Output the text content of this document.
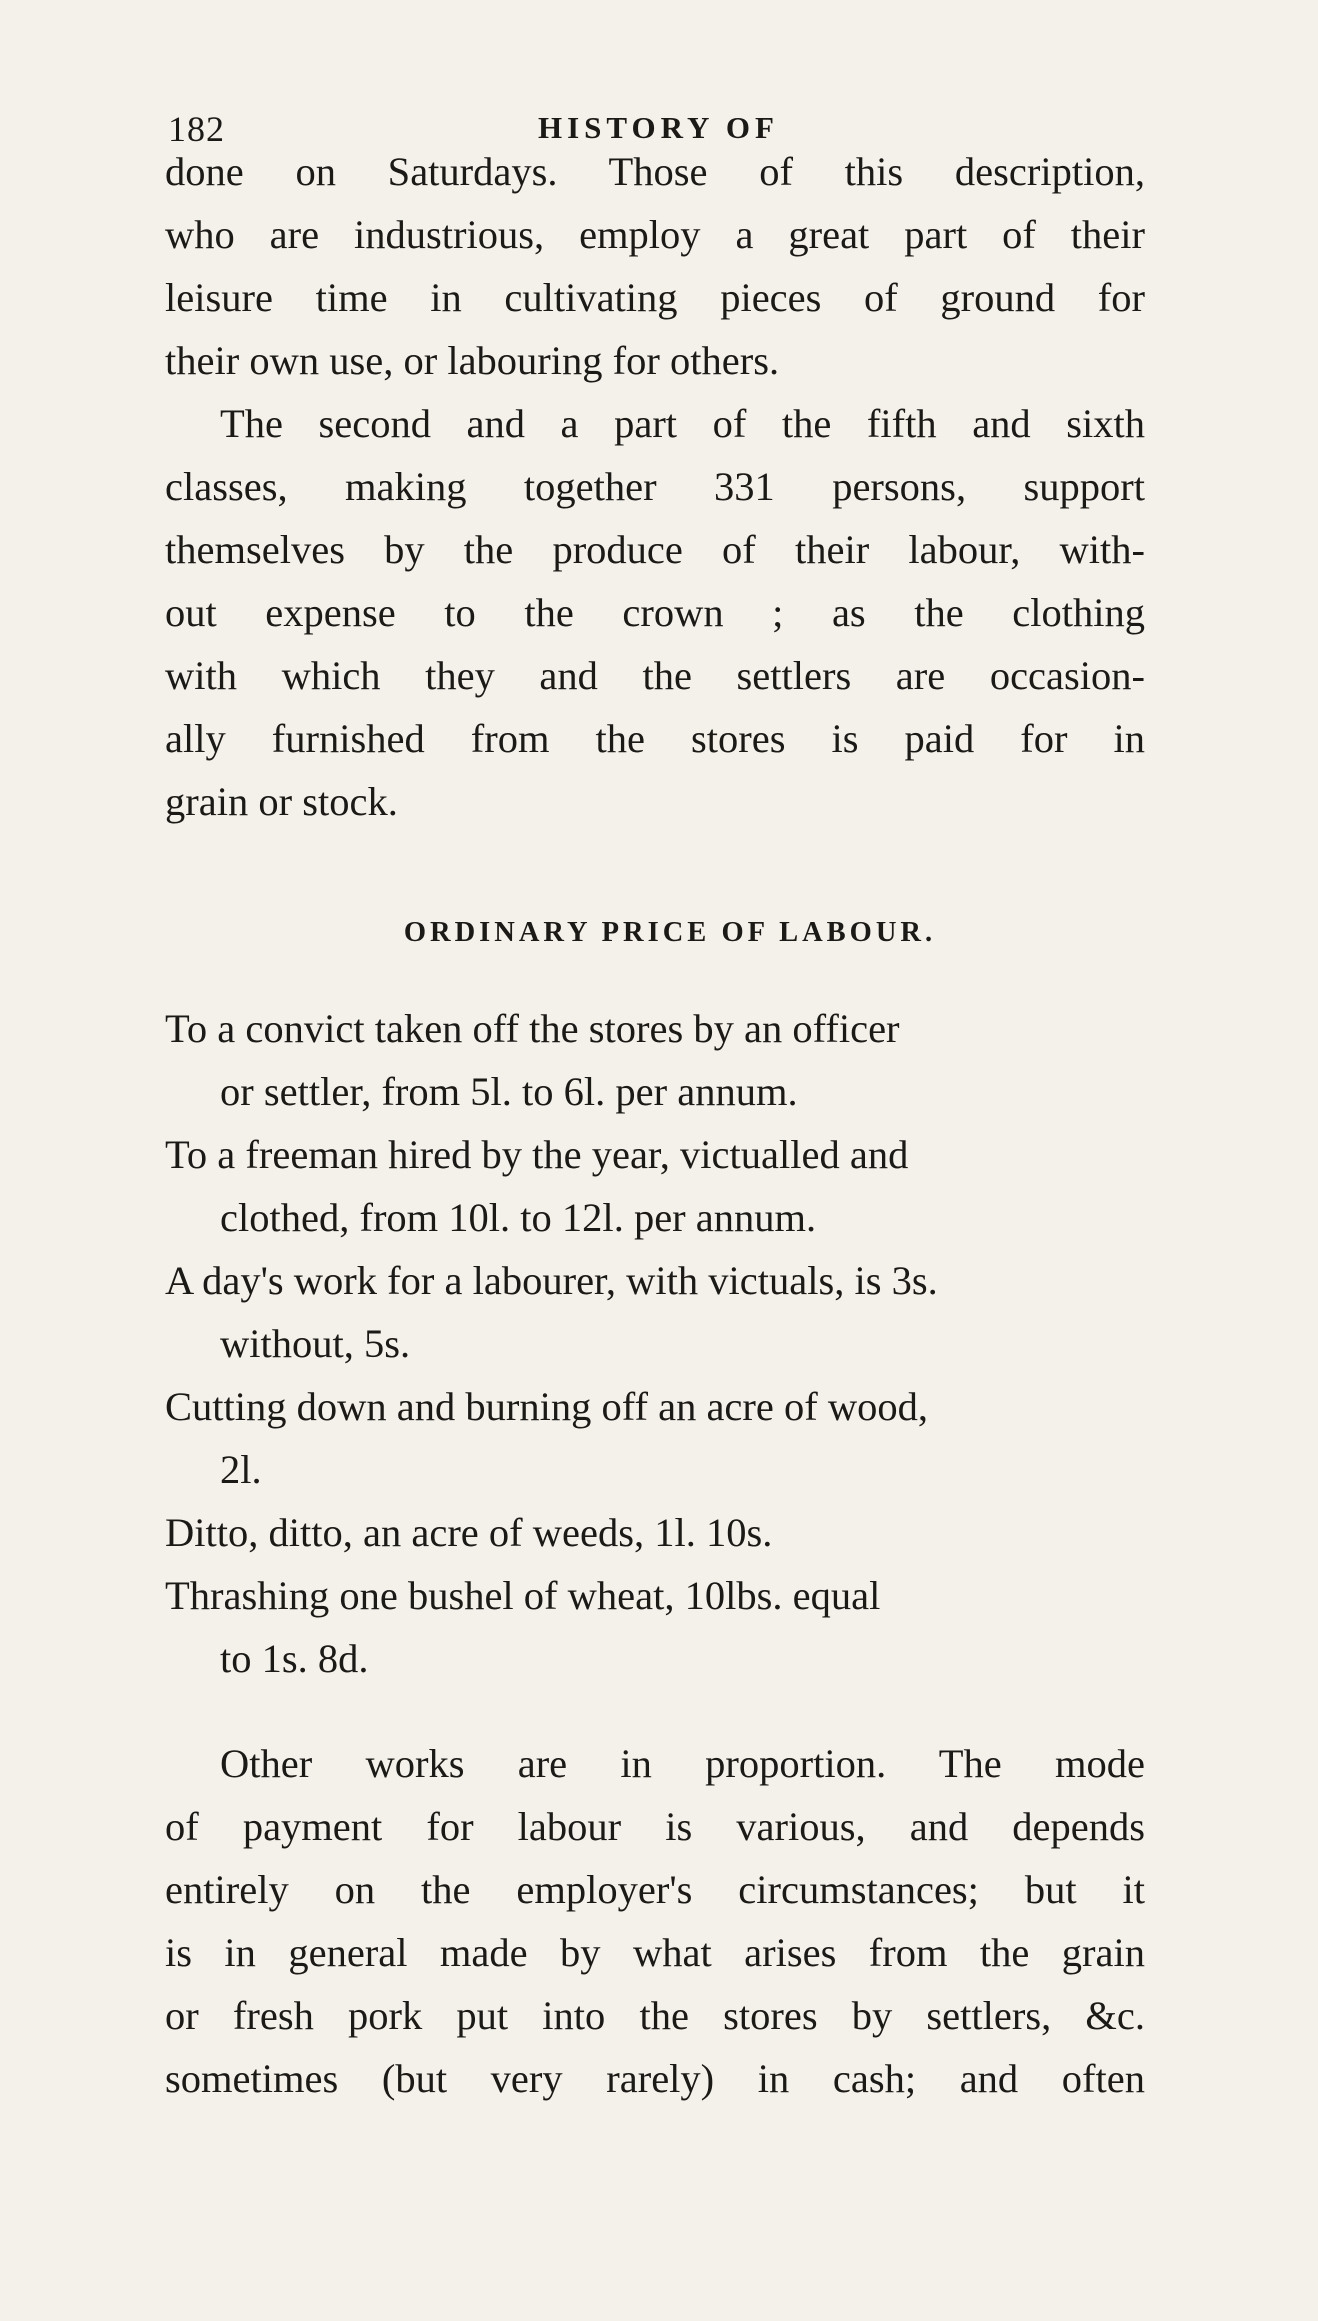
182	HISTORY OF

done on Saturdays. Those of this description,
who are industrious, employ a great part of their
leisure time in cultivating pieces of ground for
their own use, or labouring for others.

The second and a part of the fifth and sixth
classes, making together 331 persons, support
themselves by the produce of their labour, with-
out expense to the crown ; as the clothing
with which they and the settlers are occasion-
ally furnished from the stores is paid for in
grain or stock.

ORDINARY PRICE OF LABOUR.
To a convict taken off the stores by an officer
or settler, from 5l. to 6l. per annum.
To a freeman hired by the year, victualled and
clothed, from 10l. to 12l. per annum.
A day's work for a labourer, with victuals, is 3s.
without, 5s.
Cutting down and burning off an acre of wood,
2l.
Ditto, ditto, an acre of weeds, 1l. 10s.
Thrashing one bushel of wheat, 10lbs. equal
to 1s. 8d.

Other works are in proportion. The mode
of payment for labour is various, and depends
entirely on the employer's circumstances; but it
is in general made by what arises from the grain
or fresh pork put into the stores by settlers, &c.
sometimes (but very rarely) in cash; and often
